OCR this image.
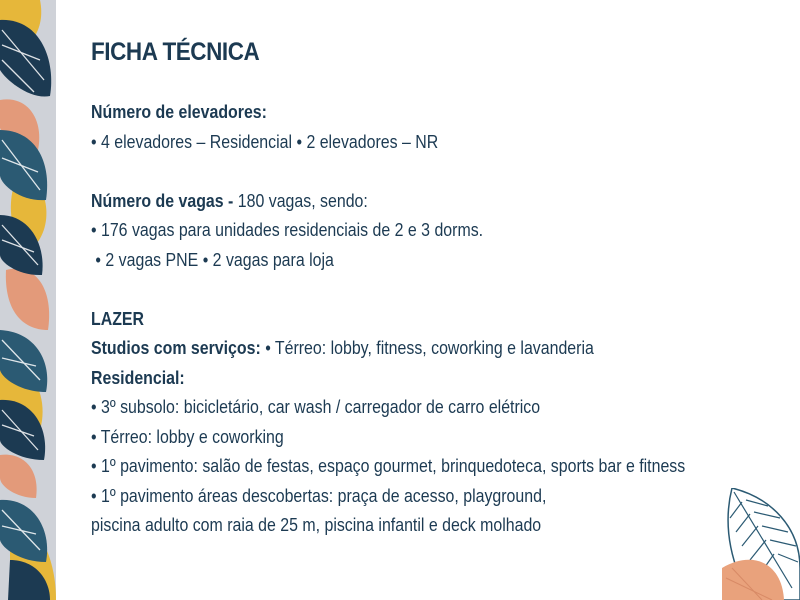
FICHA TÉCNICA
Número de elevadores:
• 4 elevadores – Residencial • 2 elevadores – NR
Número de vagas - 180 vagas, sendo:
• 176 vagas para unidades residenciais de 2 e 3 dorms.
• 2 vagas PNE • 2 vagas para loja
LAZER
Studios com serviços: • Térreo: lobby, fitness, coworking e lavanderia
Residencial:
• 3º subsolo: bicicletário, car wash / carregador de carro elétrico
• Térreo: lobby e coworking
• 1º pavimento: salão de festas, espaço gourmet, brinquedoteca, sports bar e fitness
• 1º pavimento áreas descobertas: praça de acesso, playground,
piscina adulto com raia de 25 m, piscina infantil e deck molhado
